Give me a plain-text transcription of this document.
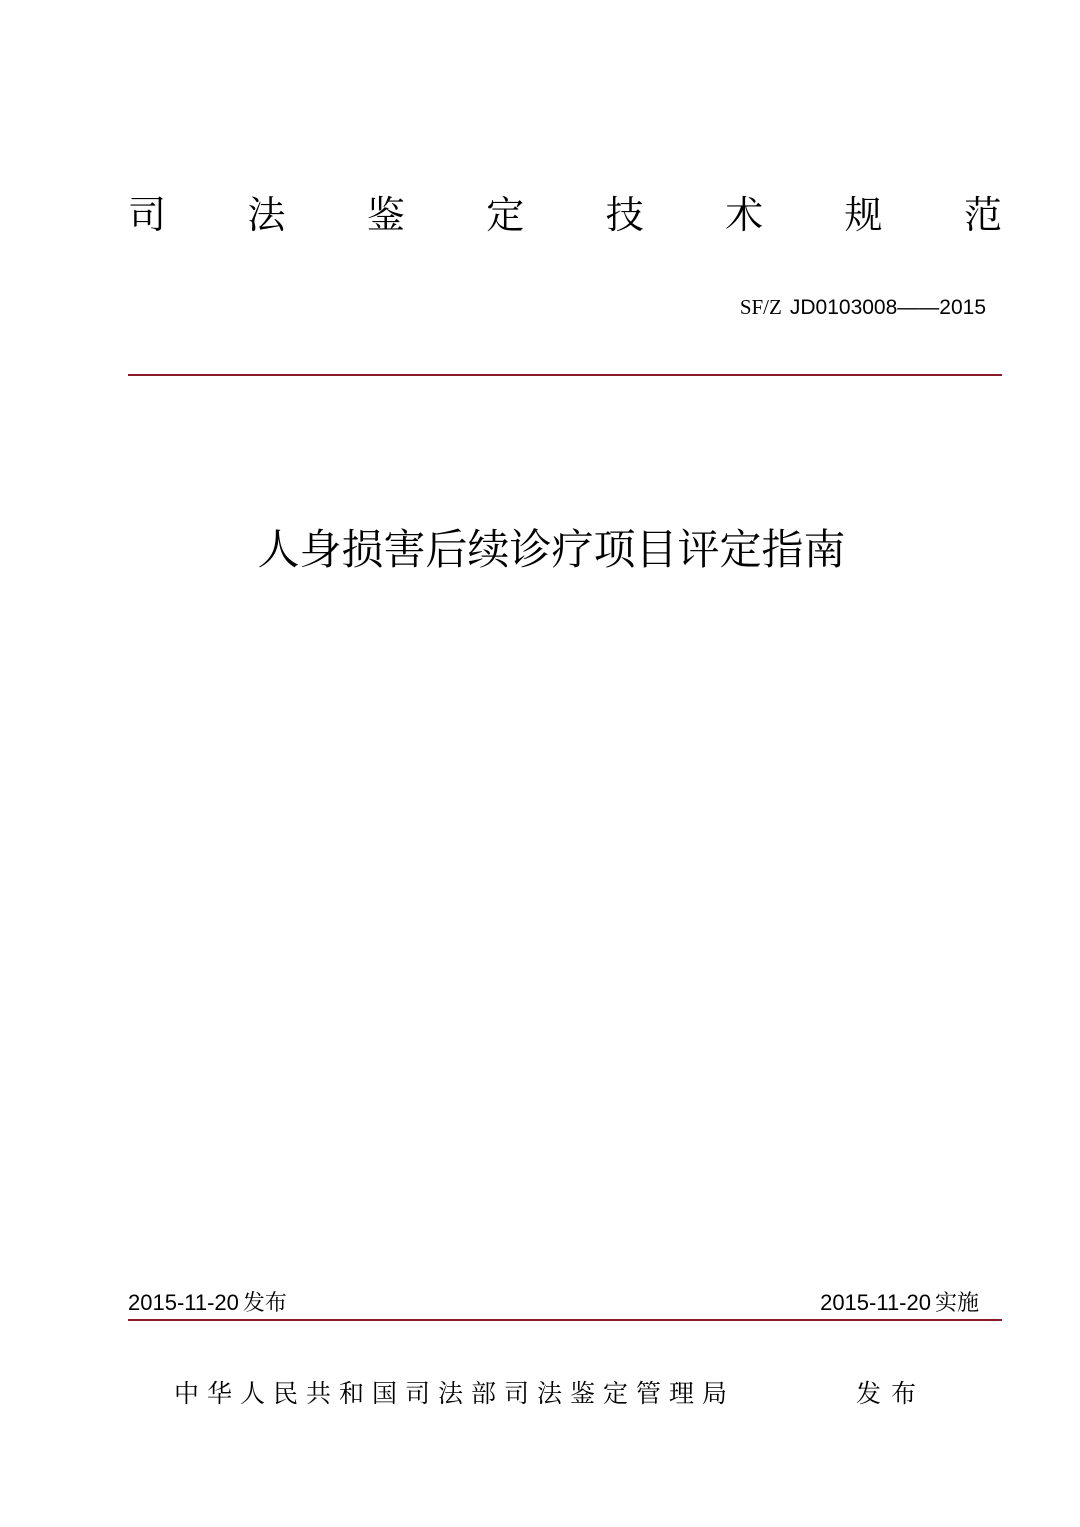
司 法 鉴 定 技 术 规 范
SF/Z JD0103008——2015
人身损害后续诊疗项目评定指南
2015-11-20 发布	2015-11-20 实施
中华人民共和国司法部司法鉴定管理局	发布
